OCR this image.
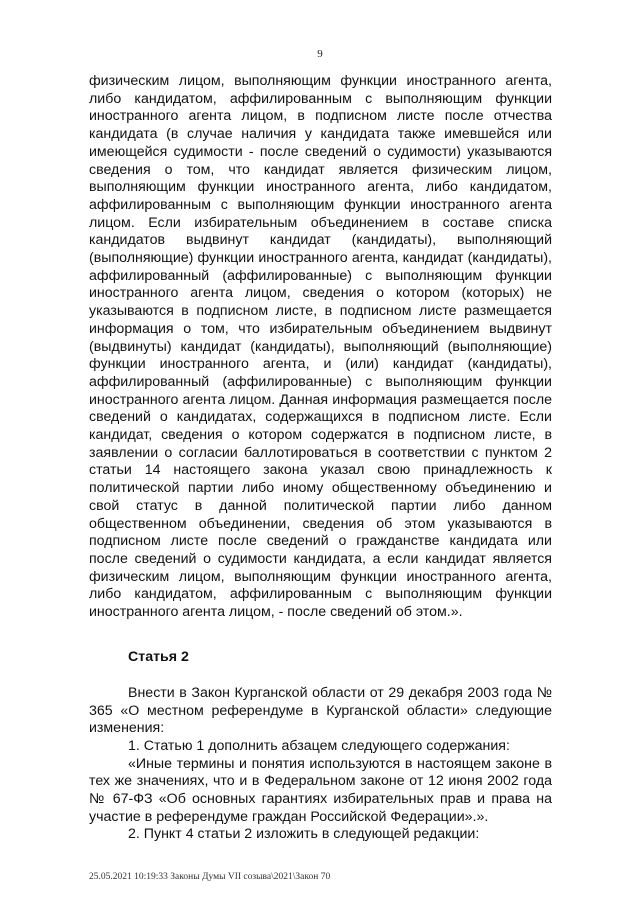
9

физическим лицом, выполняющим функции иностранного агента, либо кандидатом, аффилированным с выполняющим функции иностранного агента лицом, в подписном листе после отчества кандидата (в случае наличия у кандидата также имевшейся или имеющейся судимости - после сведений о судимости) указываются сведения о том, что кандидат является физическим лицом, выполняющим функции иностранного агента, либо кандидатом, аффилированным с выполняющим функции иностранного агента лицом. Если избирательным объединением в составе списка кандидатов выдвинут кандидат (кандидаты), выполняющий (выполняющие) функции иностранного агента, кандидат (кандидаты), аффилированный (аффилированные) с выполняющим функции иностранного агента лицом, сведения о котором (которых) не указываются в подписном листе, в подписном листе размещается информация о том, что избирательным объединением выдвинут (выдвинуты) кандидат (кандидаты), выполняющий (выполняющие) функции иностранного агента, и (или) кандидат (кандидаты), аффилированный (аффилированные) с выполняющим функции иностранного агента лицом. Данная информация размещается после сведений о кандидатах, содержащихся в подписном листе. Если кандидат, сведения о котором содержатся в подписном листе, в заявлении о согласии баллотироваться в соответствии с пунктом 2 статьи 14 настоящего закона указал свою принадлежность к политической партии либо иному общественному объединению и свой статус в данной политической партии либо данном общественном объединении, сведения об этом указываются в подписном листе после сведений о гражданстве кандидата или после сведений о судимости кандидата, а если кандидат является физическим лицом, выполняющим функции иностранного агента, либо кандидатом, аффилированным с выполняющим функции иностранного агента лицом, - после сведений об этом.».

Статья 2

Внести в Закон Курганской области от 29 декабря 2003 года № 365 «О местном референдуме в Курганской области» следующие изменения:

1. Статью 1 дополнить абзацем следующего содержания:

«Иные термины и понятия используются в настоящем законе в тех же значениях, что и в Федеральном законе от 12 июня 2002 года № 67-ФЗ «Об основных гарантиях избирательных прав и права на участие в референдуме граждан Российской Федерации».».

2. Пункт 4 статьи 2 изложить в следующей редакции:

25.05.2021 10:19:33 Законы Думы VII созыва\2021\Закон 70
